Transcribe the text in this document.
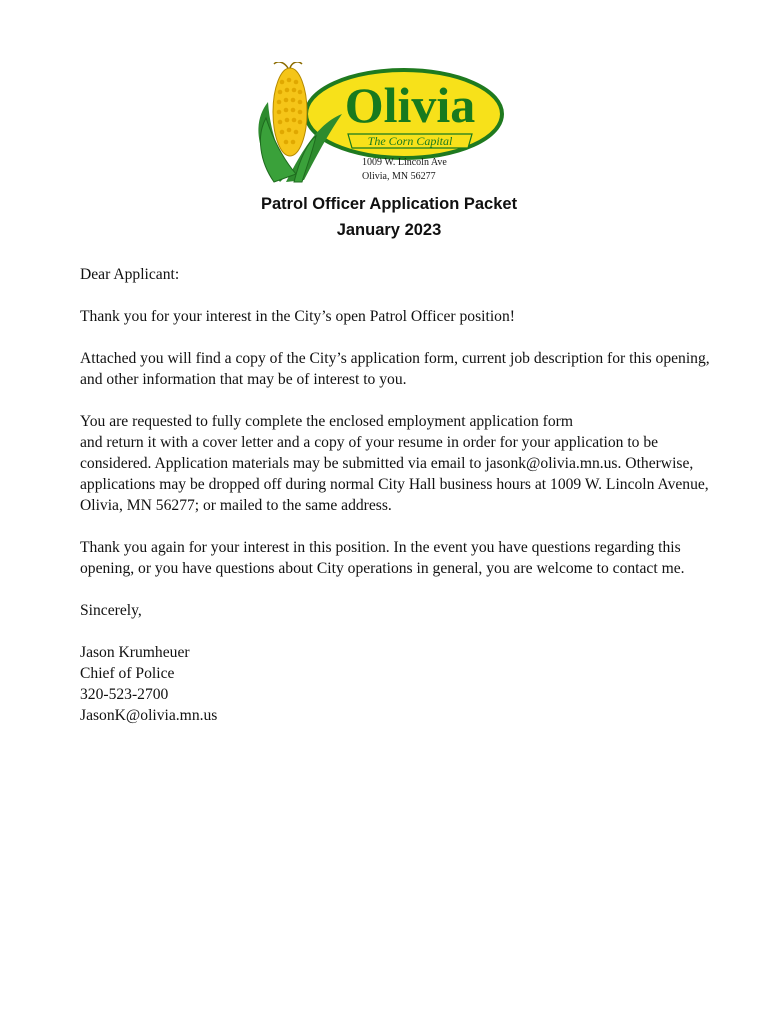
Olivia
The Corn Capital
1009 W. Lincoln Ave
Olivia, MN 56277
Patrol Officer Application Packet
January 2023

Dear Applicant:

Thank you for your interest in the City’s open Patrol Officer position!

Attached you will find a copy of the City’s application form, current job description for this opening, and other information that may be of interest to you.

You are requested to fully complete the enclosed employment application form
and return it with a cover letter and a copy of your resume in order for your application to be considered. Application materials may be submitted via email to jasonk@olivia.mn.us. Otherwise, applications may be dropped off during normal City Hall business hours at 1009 W. Lincoln Avenue, Olivia, MN 56277; or mailed to the same address.

Thank you again for your interest in this position. In the event you have questions regarding this opening, or you have questions about City operations in general, you are welcome to contact me.

Sincerely,

Jason Krumheuer
Chief of Police
320-523-2700
JasonK@olivia.mn.us
